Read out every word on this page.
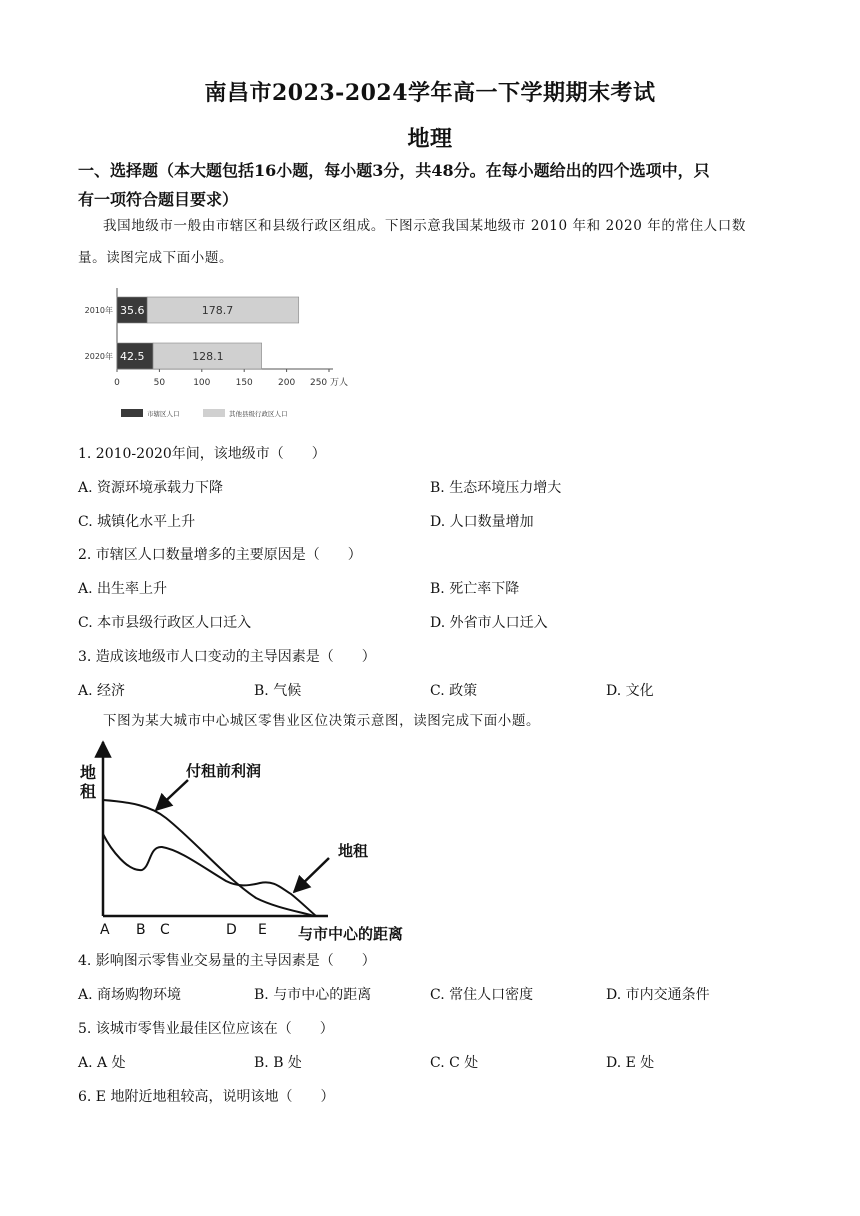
南昌市2023-2024学年高一下学期期末考试
地理
一、选择题（本大题包括16小题，每小题3分，共48分。在每小题给出的四个选项中，只
有一项符合题目要求）
我国地级市一般由市辖区和县级行政区组成。下图示意我国某地级市 2010 年和 2020 年的常住人口数
量。读图完成下面小题。
0	50	100	150	200 250 万人
2010年 35.6	178.7
2020年 42.5	128.1
市辖区人口	其他县级行政区人口
1. 2010-2020年间，该地级市（　　）
A. 资源环境承载力下降	B. 生态环境压力增大
C. 城镇化水平上升	D. 人口数量增加
2. 市辖区人口数量增多的主要原因是（　　）
A. 出生率上升	B. 死亡率下降
C. 本市县级行政区人口迁入	D. 外省市人口迁入
3. 造成该地级市人口变动的主导因素是（　　）
A. 经济	B. 气候	C. 政策	D. 文化
下图为某大城市中心城区零售业区位决策示意图，读图完成下面小题。
地
租
付租前利润
地租
A B C	D E 与市中心的距离
4. 影响图示零售业交易量的主导因素是（　　）
A. 商场购物环境	B. 与市中心的距离	C. 常住人口密度	D. 市内交通条件
5. 该城市零售业最佳区位应该在（　　）
A. A 处	B. B 处	C. C 处	D. E 处
6. E 地附近地租较高，说明该地（　　）
